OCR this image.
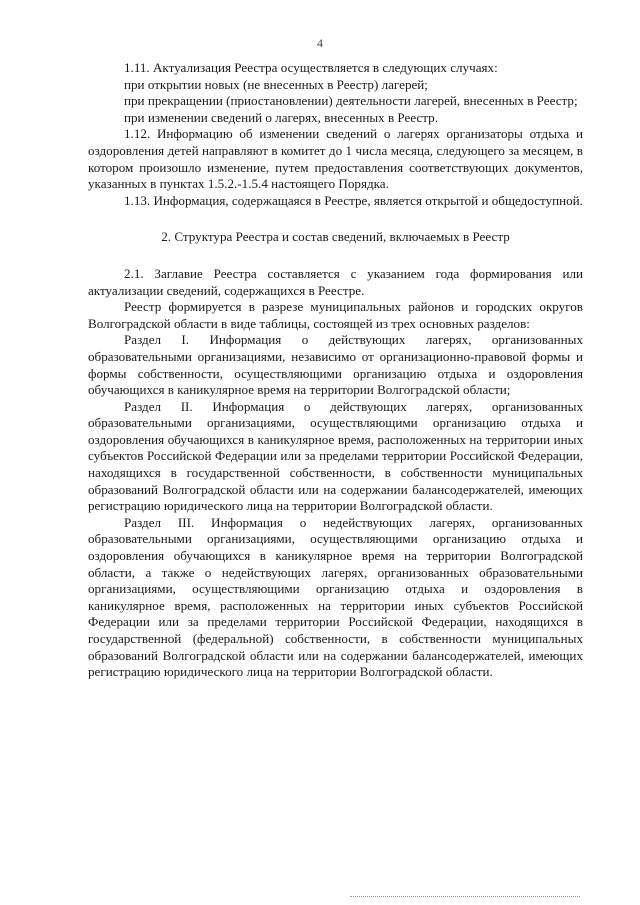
4

1.11. Актуализация Реестра осуществляется в следующих случаях:

при открытии новых (не внесенных в Реестр) лагерей;

при прекращении (приостановлении) деятельности лагерей, внесенных в Реестр;

при изменении сведений о лагерях, внесенных в Реестр.

1.12. Информацию об изменении сведений о лагерях организаторы отдыха и оздоровления детей направляют в комитет до 1 числа месяца, следующего за месяцем, в котором произошло изменение, путем предоставления соответствующих документов, указанных в пунктах 1.5.2.-1.5.4 настоящего Порядка.

1.13. Информация, содержащаяся в Реестре, является открытой и общедоступной.

2. Структура Реестра и состав сведений, включаемых в Реестр

2.1. Заглавие Реестра составляется с указанием года формирования или актуализации сведений, содержащихся в Реестре.

Реестр формируется в разрезе муниципальных районов и городских округов Волгоградской области в виде таблицы, состоящей из трех основных разделов:

Раздел I. Информация о действующих лагерях, организованных образовательными организациями, независимо от организационно-правовой формы и формы собственности, осуществляющими организацию отдыха и оздоровления обучающихся в каникулярное время на территории Волгоградской области;

Раздел II. Информация о действующих лагерях, организованных образовательными организациями, осуществляющими организацию отдыха и оздоровления обучающихся в каникулярное время, расположенных на территории иных субъектов Российской Федерации или за пределами территории Российской Федерации, находящихся в государственной собственности, в собственности муниципальных образований Волгоградской области или на содержании балансодержателей, имеющих регистрацию юридического лица на территории Волгоградской области.

Раздел III. Информация о недействующих лагерях, организованных образовательными организациями, осуществляющими организацию отдыха и оздоровления обучающихся в каникулярное время на территории Волгоградской области, а также о недействующих лагерях, организованных образовательными организациями, осуществляющими организацию отдыха и оздоровления в каникулярное время, расположенных на территории иных субъектов Российской Федерации или за пределами территории Российской Федерации, находящихся в государственной (федеральной) собственности, в собственности муниципальных образований Волгоградской области или на содержании балансодержателей, имеющих регистрацию юридического лица на территории Волгоградской области.
